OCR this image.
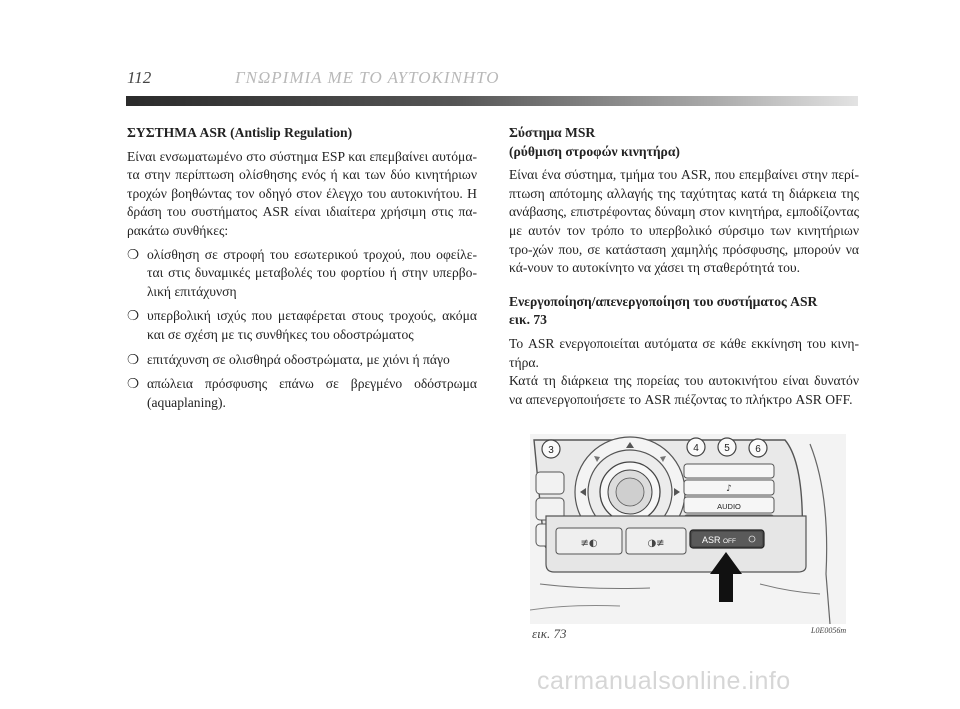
112	ΓΝΩΡΙΜΙΑ ΜΕ ΤΟ ΑΥΤΟΚΙΝΗΤΟ
ΣΥΣΤΗΜΑ ASR (Antislip Regulation)
Είναι ενσωματωμένο στο σύστημα ESP και επεμβαίνει αυτόμα-τα στην περίπτωση ολίσθησης ενός ή και των δύο κινητήριων τροχών βοηθώντας τον οδηγό στον έλεγχο του αυτοκινήτου. Η δράση του συστήματος ASR είναι ιδιαίτερα χρήσιμη στις πα-ρακάτω συνθήκες:
❍ ολίσθηση σε στροφή του εσωτερικού τροχού, που οφείλε-ται στις δυναμικές μεταβολές του φορτίου ή στην υπερβο-λική επιτάχυνση
❍ υπερβολική ισχύς που μεταφέρεται στους τροχούς, ακόμα και σε σχέση με τις συνθήκες του οδοστρώματος
❍ επιτάχυνση σε ολισθηρά οδοστρώματα, με χιόνι ή πάγο
❍ απώλεια πρόσφυσης επάνω σε βρεγμένο οδόστρωμα (aquaplaning).
Σύστημα MSR
(ρύθμιση στροφών κινητήρα)
Είναι ένα σύστημα, τμήμα του ASR, που επεμβαίνει στην περί-πτωση απότομης αλλαγής της ταχύτητας κατά τη διάρκεια της ανάβασης, επιστρέφοντας δύναμη στον κινητήρα, εμποδίζοντας με αυτόν τον τρόπο το υπερβολικό σύρσιμο των κινητήριων τρο-χών που, σε κατάσταση χαμηλής πρόσφυσης, μπορούν να κά-νουν το αυτοκίνητο να χάσει τη σταθερότητά του.
Ενεργοποίηση/απενεργοποίηση του συστήματος ASR
εικ. 73
Το ASR ενεργοποιείται αυτόματα σε κάθε εκκίνηση του κινη-τήρα.
Κατά τη διάρκεια της πορείας του αυτοκινήτου είναι δυνατόν να απενεργοποιήσετε το ASR πιέζοντας το πλήκτρο ASR OFF.
3	4	5	6
♪
AUDIO
≢◐	◑≢	ASR OFF
εικ. 73	L0E0056m
carmanualsonline.info
